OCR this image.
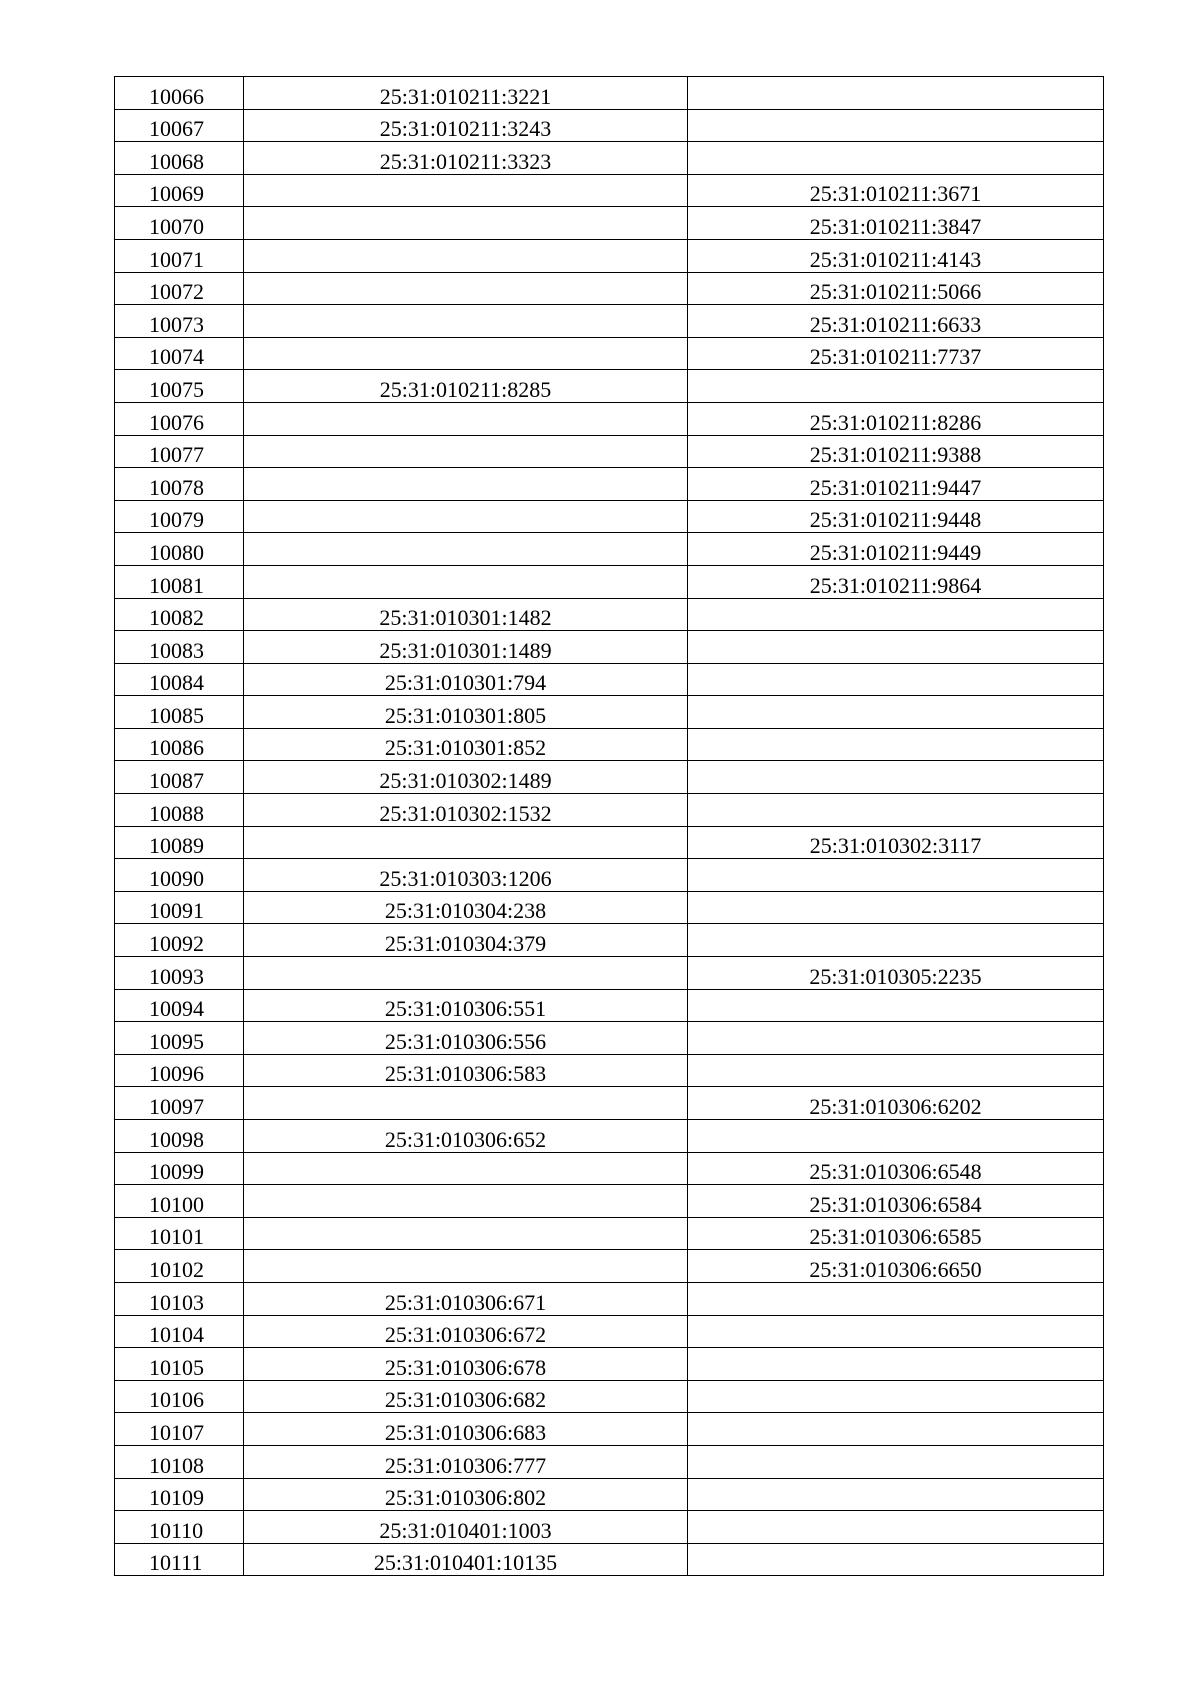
10066	25:31:010211:3221	
10067	25:31:010211:3243	
10068	25:31:010211:3323	
10069		25:31:010211:3671
10070		25:31:010211:3847
10071		25:31:010211:4143
10072		25:31:010211:5066
10073		25:31:010211:6633
10074		25:31:010211:7737
10075	25:31:010211:8285	
10076		25:31:010211:8286
10077		25:31:010211:9388
10078		25:31:010211:9447
10079		25:31:010211:9448
10080		25:31:010211:9449
10081		25:31:010211:9864
10082	25:31:010301:1482	
10083	25:31:010301:1489	
10084	25:31:010301:794	
10085	25:31:010301:805	
10086	25:31:010301:852	
10087	25:31:010302:1489	
10088	25:31:010302:1532	
10089		25:31:010302:3117
10090	25:31:010303:1206	
10091	25:31:010304:238	
10092	25:31:010304:379	
10093		25:31:010305:2235
10094	25:31:010306:551	
10095	25:31:010306:556	
10096	25:31:010306:583	
10097		25:31:010306:6202
10098	25:31:010306:652	
10099		25:31:010306:6548
10100		25:31:010306:6584
10101		25:31:010306:6585
10102		25:31:010306:6650
10103	25:31:010306:671	
10104	25:31:010306:672	
10105	25:31:010306:678	
10106	25:31:010306:682	
10107	25:31:010306:683	
10108	25:31:010306:777	
10109	25:31:010306:802	
10110	25:31:010401:1003	
10111	25:31:010401:10135	
